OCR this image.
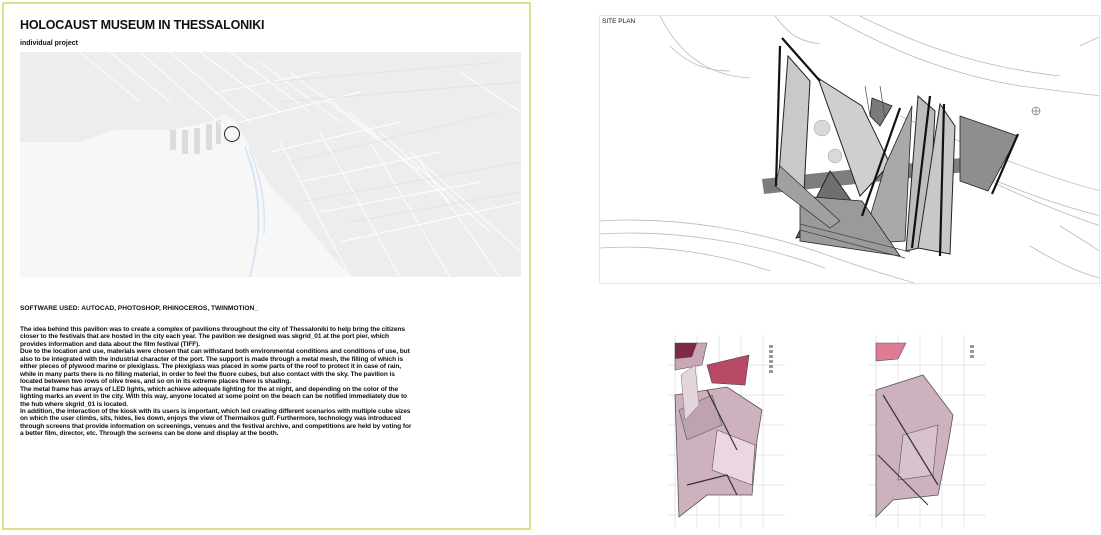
HOLOCAUST MUSEUM IN THESSALONIKI
individual project
SOFTWARE USED: AUTOCAD, PHOTOSHOP, RHINOCEROS, TWINMOTION_

The idea behind this pavilion was to create a complex of pavilions throughout the city of Thessaloniki to help bring the citizens closer to the festivals that are hosted in the city each year. The pavilion we designed was skgrid_01 at the port pier, which provides information and data about the film festival (TIFF).

Due to the location and use, materials were chosen that can withstand both environmental conditions and conditions of use, but also to be integrated with the industrial character of the port. The support is made through a metal mesh, the filling of which is either pieces of plywood marine or plexiglass. The plexiglass was placed in some parts of the roof to protect it in case of rain, while in many parts there is no filling material, in order to feel the fluore cubes, but also contact with the sky. The pavilion is located between two rows of olive trees, and so on in its extreme places there is shading.

The metal frame has arrays of LED lights, which achieve adequate lighting for the at night, and depending on the color of the lighting marks an event in the city. With this way, anyone located at some point on the beach can be notified immediately due to the hub where skgrid_01 is located.

In addition, the interaction of the kiosk with its users is important, which led creating different scenarios with multiple cube sizes on which the user climbs, sits, hides, lies down, enjoys the view of Thermaikos gulf. Furthermore, technology was introduced through screens that provide information on screenings, venues and the festival archive, and competitions are held by voting for a better film, director, etc. Through the screens can be done and display at the booth.

SITE PLAN
